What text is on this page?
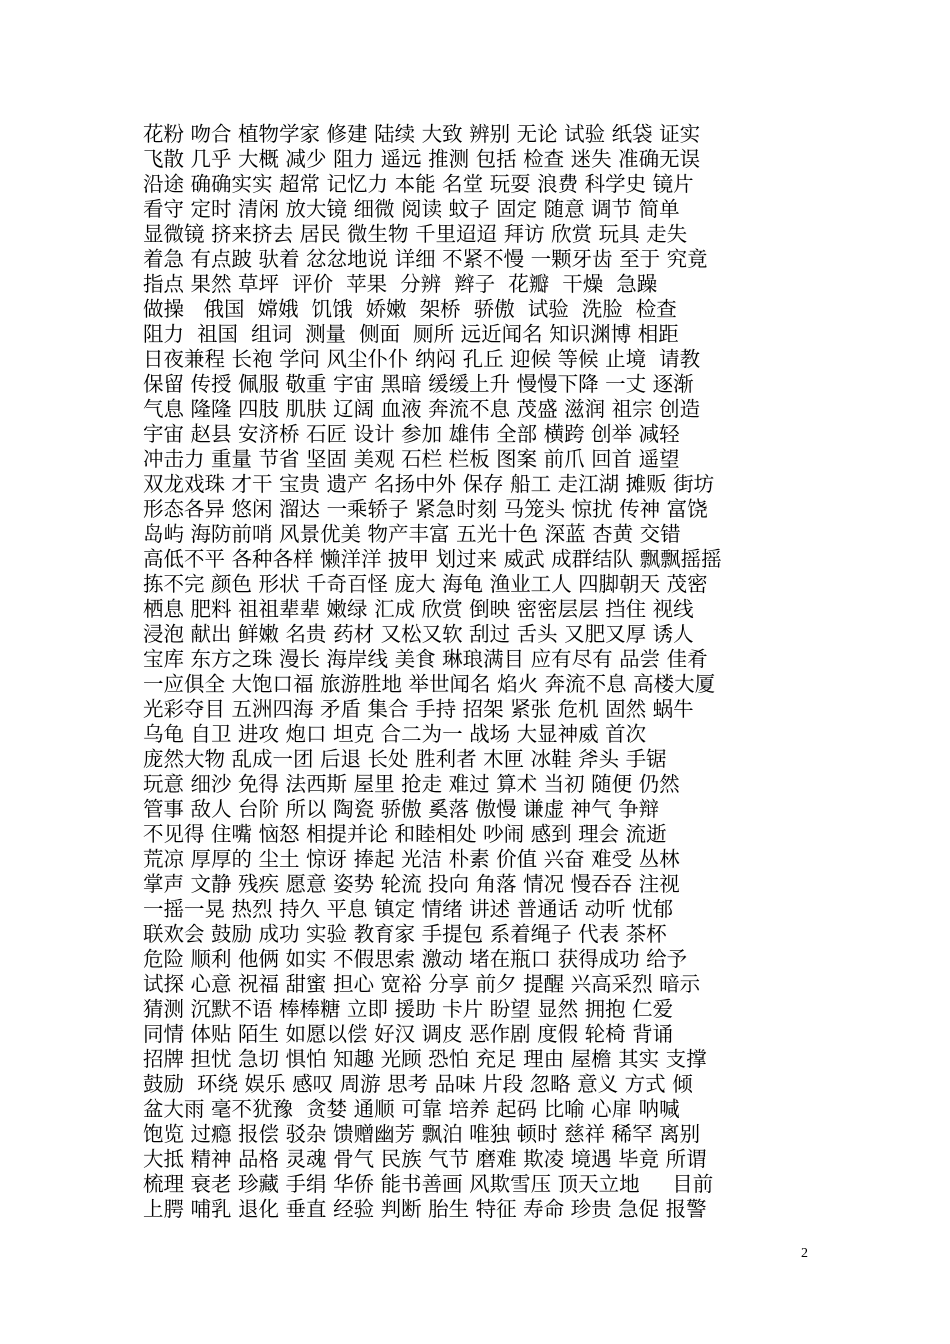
花粉 吻合 植物学家 修建 陆续 大致 辨别 无论 试验 纸袋 证实
飞散 几乎 大概 减少 阻力 遥远 推测 包括 检查 迷失 准确无误
沿途 确确实实 超常 记忆力 本能 名堂 玩耍 浪费 科学史 镜片
看守 定时 清闲 放大镜 细微 阅读 蚊子 固定 随意 调节 简单
显微镜 挤来挤去 居民 微生物 千里迢迢 拜访 欣赏 玩具 走失
着急 有点跛 驮着 忿忿地说 详细 不紧不慢 一颗牙齿 至于 究竟
指点 果然 草坪  评价  苹果  分辨  辫子  花瓣  干燥  急躁
做操   俄国  嫦娥  饥饿  娇嫩  架桥  骄傲  试验  洗脸  检查
阻力  祖国  组词  测量  侧面  厕所 远近闻名 知识渊博 相距
日夜兼程 长袍 学问 风尘仆仆 纳闷 孔丘 迎候 等候 止境  请教
保留 传授 佩服 敬重 宇宙 黑暗 缓缓上升 慢慢下降 一丈 逐渐
气息 隆隆 四肢 肌肤 辽阔 血液 奔流不息 茂盛 滋润 祖宗 创造
宇宙 赵县 安济桥 石匠 设计 参加 雄伟 全部 横跨 创举 减轻
冲击力 重量 节省 坚固 美观 石栏 栏板 图案 前爪 回首 遥望
双龙戏珠 才干 宝贵 遗产 名扬中外 保存 船工 走江湖 摊贩 街坊
形态各异 悠闲 溜达 一乘轿子 紧急时刻 马笼头 惊扰 传神 富饶
岛屿 海防前哨 风景优美 物产丰富 五光十色 深蓝 杏黄 交错
高低不平 各种各样 懒洋洋 披甲 划过来 威武 成群结队 飘飘摇摇
拣不完 颜色 形状 千奇百怪 庞大 海龟 渔业工人 四脚朝天 茂密
栖息 肥料 祖祖辈辈 嫩绿 汇成 欣赏 倒映 密密层层 挡住 视线
浸泡 献出 鲜嫩 名贵 药材 又松又软 刮过 舌头 又肥又厚 诱人
宝库 东方之珠 漫长 海岸线 美食 琳琅满目 应有尽有 品尝 佳肴
一应俱全 大饱口福 旅游胜地 举世闻名 焰火 奔流不息 高楼大厦
光彩夺目 五洲四海 矛盾 集合 手持 招架 紧张 危机 固然 蜗牛
乌龟 自卫 进攻 炮口 坦克 合二为一 战场 大显神威 首次
庞然大物 乱成一团 后退 长处 胜利者 木匣 冰鞋 斧头 手锯
玩意 细沙 免得 法西斯 屋里 抢走 难过 算术 当初 随便 仍然
管事 敌人 台阶 所以 陶瓷 骄傲 奚落 傲慢 谦虚 神气 争辩
不见得 住嘴 恼怒 相提并论 和睦相处 吵闹 感到 理会 流逝
荒凉 厚厚的 尘土 惊讶 捧起 光洁 朴素 价值 兴奋 难受 丛林
掌声 文静 残疾 愿意 姿势 轮流 投向 角落 情况 慢吞吞 注视
一摇一晃 热烈 持久 平息 镇定 情绪 讲述 普通话 动听 忧郁
联欢会 鼓励 成功 实验 教育家 手提包 系着绳子 代表 茶杯
危险 顺利 他俩 如实 不假思索 激动 堵在瓶口 获得成功 给予
试探 心意 祝福 甜蜜 担心 宽裕 分享 前夕 提醒 兴高采烈 暗示
猜测 沉默不语 棒棒糖 立即 援助 卡片 盼望 显然 拥抱 仁爱
同情 体贴 陌生 如愿以偿 好汉 调皮 恶作剧 度假 轮椅 背诵
招牌 担忧 急切 惧怕 知趣 光顾 恐怕 充足 理由 屋檐 其实 支撑
鼓励  环绕 娱乐 感叹 周游 思考 品味 片段 忽略 意义 方式 倾
盆大雨 毫不犹豫  贪婪 通顺 可靠 培养 起码 比喻 心扉 呐喊
饱览 过瘾 报偿 驳杂 馈赠幽芳 飘泊 唯独 顿时 慈祥 稀罕 离别
大抵 精神 品格 灵魂 骨气 民族 气节 磨难 欺凌 境遇 毕竟 所谓
梳理 衰老 珍藏 手绢 华侨 能书善画 风欺雪压 顶天立地     目前
上腭 哺乳 退化 垂直 经验 判断 胎生 特征 寿命 珍贵 急促 报警
2
